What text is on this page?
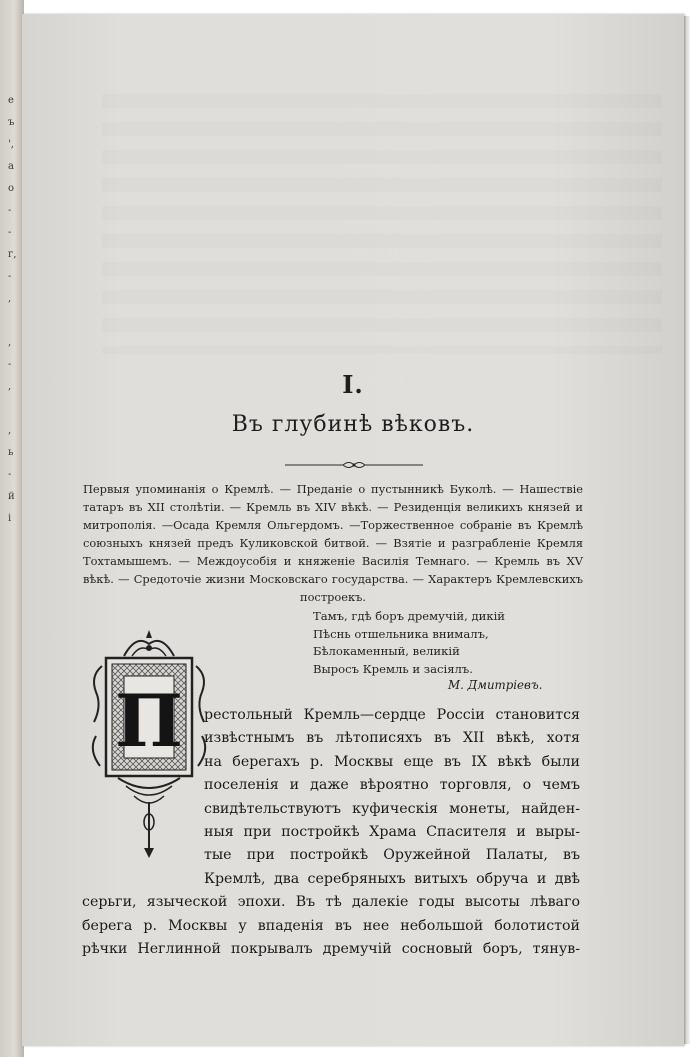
е
ъ
',
а
о
-
-
г,
-
,
,
-
,
,
ь
-
й
і
I.
Въ глубинѣ вѣковъ.
Первыя упоминанія о Кремлѣ. — Преданіе о пустынникѣ Буколѣ. — Нашествіе татаръ въ XII столѣтіи. — Кремль въ XIV вѣкѣ. — Резиденція великихъ князей и митрополія. —Осада Кремля Ольгердомъ. —Торжественное собраніе въ Кремлѣ союзныхъ князей предъ Куликовской битвой. — Взятіе и разграбленіе Кремля Тохтамышемъ. — Междоусобія и княженіе Василія Темнаго. — Кремль въ XV вѣкѣ. — Средоточіе жизни Московскаго государства. — Характеръ Кремлевскихъ построекъ.
Тамъ, гдѣ боръ дремучій, дикій
Пѣснь отшельника внималъ,
Бѣлокаменный, великій
Выросъ Кремль и засіялъ.
М. Дмитріевъ.
П	рестольный Кремль—сердце Россіи становится
извѣстнымъ въ лѣтописяхъ въ XII вѣкѣ, хотя
на берегахъ р. Москвы еще въ IX вѣкѣ были
поселенія и даже вѣроятно торговля, о чемъ
свидѣтельствуютъ куфическія монеты, найден-
ныя при постройкѣ Храма Спасителя и выры-
тые при постройкѣ Оружейной Палаты, въ
Кремлѣ, два серебряныхъ витыхъ обруча и двѣ
серьги, языческой эпохи. Въ тѣ далекіе годы высоты лѣваго
берега р. Москвы у впаденія въ нее небольшой болотистой
рѣчки Неглинной покрывалъ дремучій сосновый боръ, тянув-
